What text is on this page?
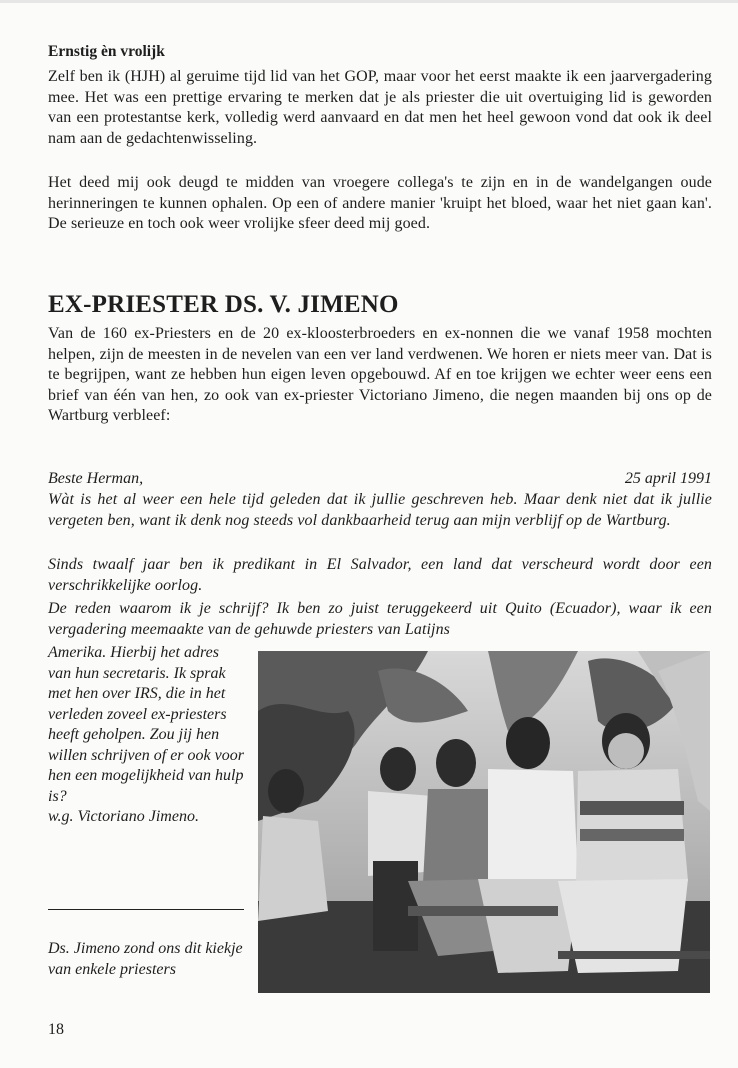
Ernstig èn vrolijk

Zelf ben ik (HJH) al geruime tijd lid van het GOP, maar voor het eerst maakte ik een jaarvergadering mee. Het was een prettige ervaring te merken dat je als priester die uit overtuiging lid is geworden van een protestantse kerk, volledig werd aanvaard en dat men het heel gewoon vond dat ook ik deel nam aan de gedachtenwisseling.

Het deed mij ook deugd te midden van vroegere collega's te zijn en in de wandelgangen oude herinneringen te kunnen ophalen. Op een of andere manier 'kruipt het bloed, waar het niet gaan kan'. De serieuze en toch ook weer vrolijke sfeer deed mij goed.

EX-PRIESTER DS. V. JIMENO

Van de 160 ex-Priesters en de 20 ex-kloosterbroeders en ex-nonnen die we vanaf 1958 mochten helpen, zijn de meesten in de nevelen van een ver land verdwenen. We horen er niets meer van. Dat is te begrijpen, want ze hebben hun eigen leven opgebouwd. Af en toe krijgen we echter weer eens een brief van één van hen, zo ook van ex-priester Victoriano Jimeno, die negen maanden bij ons op de Wartburg verbleef:

Beste Herman,	25 april 1991

Wàt is het al weer een hele tijd geleden dat ik jullie geschreven heb. Maar denk niet dat ik jullie vergeten ben, want ik denk nog steeds vol dankbaarheid terug aan mijn verblijf op de Wartburg.

Sinds twaalf jaar ben ik predikant in El Salvador, een land dat verscheurd wordt door een verschrikkelijke oorlog.

De reden waarom ik je schrijf? Ik ben zo juist teruggekeerd uit Quito (Ecuador), waar ik een vergadering meemaakte van de gehuwde priesters van Latijns

Amerika. Hierbij het adres van hun secretaris. Ik sprak met hen over IRS, die in het verleden zoveel ex-priesters heeft geholpen. Zou jij hen willen schrijven of er ook voor hen een mogelijkheid van hulp is?
w.g. Victoriano Jimeno.

Ds. Jimeno zond ons dit kiekje van enkele priesters

18
